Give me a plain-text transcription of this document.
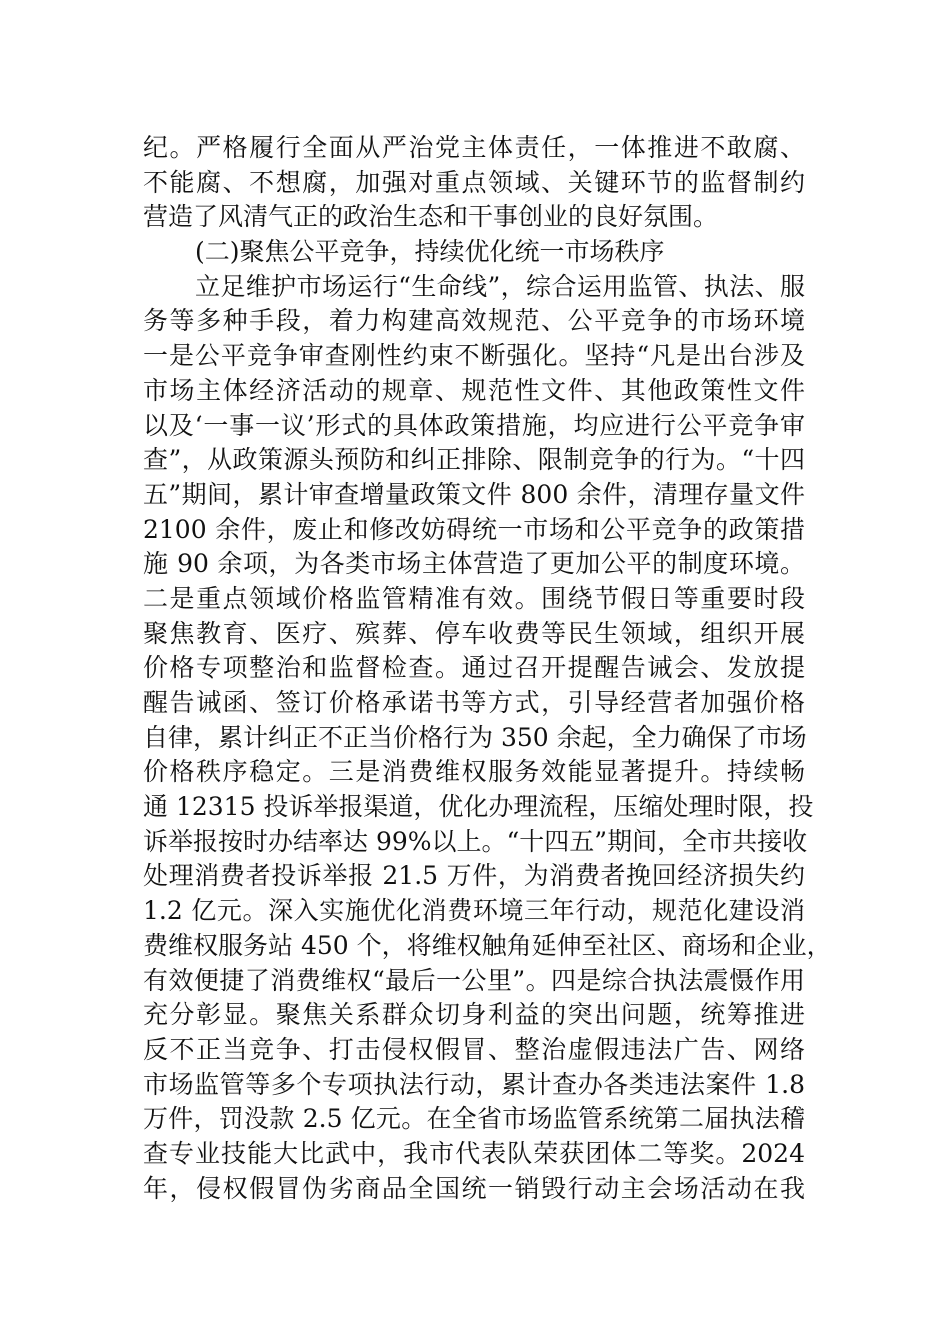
纪。严格履行全面从严治党主体责任，一体推进不敢腐、
不能腐、不想腐，加强对重点领域、关键环节的监督制约
营造了风清气正的政治生态和干事创业的良好氛围。
(二)聚焦公平竞争，持续优化统一市场秩序
立足维护市场运行“生命线”，综合运用监管、执法、服
务等多种手段，着力构建高效规范、公平竞争的市场环境
一是公平竞争审查刚性约束不断强化。坚持“凡是出台涉及
市场主体经济活动的规章、规范性文件、其他政策性文件
以及‘一事一议’形式的具体政策措施，均应进行公平竞争审
查”，从政策源头预防和纠正排除、限制竞争的行为。“十四
五”期间，累计审查增量政策文件 800 余件，清理存量文件
2100 余件，废止和修改妨碍统一市场和公平竞争的政策措
施 90 余项，为各类市场主体营造了更加公平的制度环境。
二是重点领域价格监管精准有效。围绕节假日等重要时段
聚焦教育、医疗、殡葬、停车收费等民生领域，组织开展
价格专项整治和监督检查。通过召开提醒告诫会、发放提
醒告诫函、签订价格承诺书等方式，引导经营者加强价格
自律，累计纠正不正当价格行为 350 余起，全力确保了市场
价格秩序稳定。三是消费维权服务效能显著提升。持续畅
通 12315 投诉举报渠道，优化办理流程，压缩处理时限，投
诉举报按时办结率达 99%以上。“十四五”期间，全市共接收
处理消费者投诉举报 21.5 万件，为消费者挽回经济损失约
1.2 亿元。深入实施优化消费环境三年行动，规范化建设消
费维权服务站 450 个，将维权触角延伸至社区、商场和企业，
有效便捷了消费维权“最后一公里”。四是综合执法震慑作用
充分彰显。聚焦关系群众切身利益的突出问题，统筹推进
反不正当竞争、打击侵权假冒、整治虚假违法广告、网络
市场监管等多个专项执法行动，累计查办各类违法案件 1.8
万件，罚没款 2.5 亿元。在全省市场监管系统第二届执法稽
查专业技能大比武中，我市代表队荣获团体二等奖。2024
年，侵权假冒伪劣商品全国统一销毁行动主会场活动在我
